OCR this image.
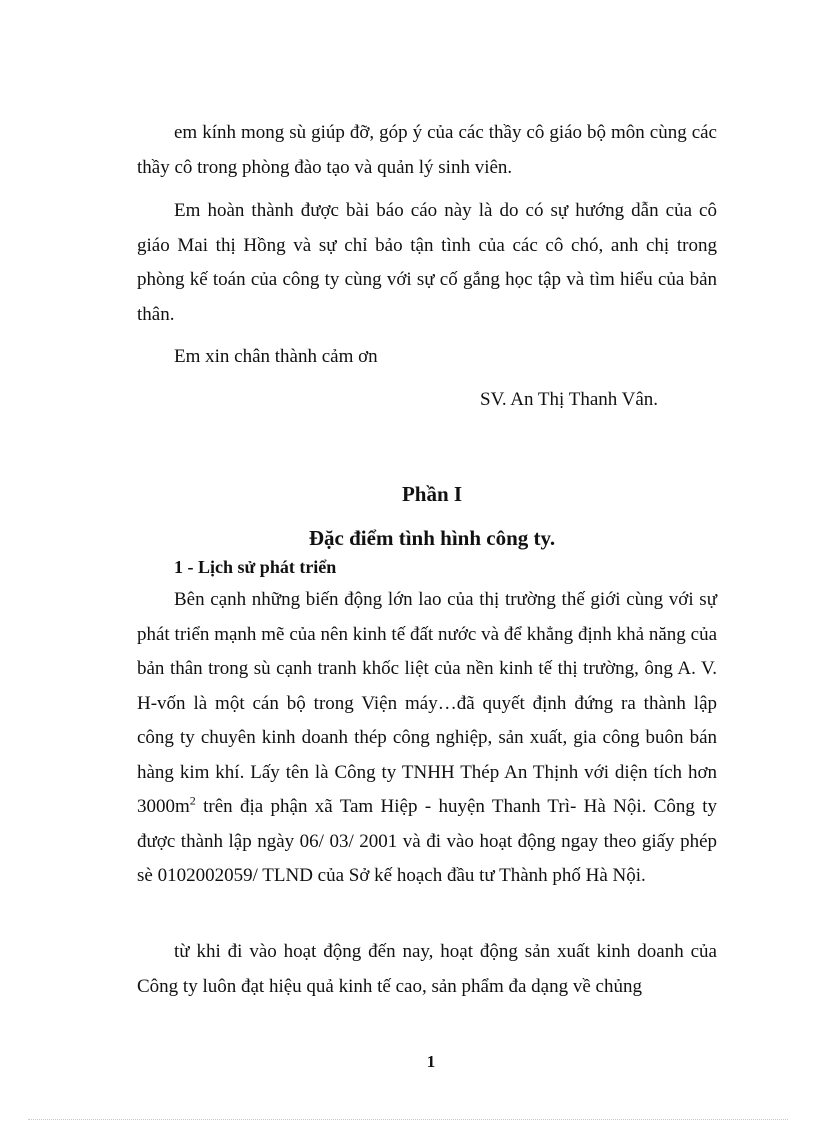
em kính mong sù giúp đỡ, góp ý của các thầy cô giáo bộ môn cùng các thầy cô trong phòng đào tạo và quản lý sinh viên.

Em hoàn thành được bài báo cáo này là do có sự hướng dẫn của cô giáo Mai thị Hồng và sự chỉ bảo tận tình của các cô chó, anh chị trong phòng kế toán của công ty cùng với sự cố gắng học tập và tìm hiểu của bản thân.

Em xin chân thành cảm ơn

SV. An Thị Thanh Vân.

Phần I
Đặc điểm tình hình công ty.

1 - Lịch sử phát triển

Bên cạnh những biến động lớn lao của thị trường thế giới cùng với sự phát triển mạnh mẽ của nên kinh tế đất nước và để khẳng định khả năng của bản thân trong sù cạnh tranh khốc liệt của nền kinh tế thị trường, ông A. V. H-vốn là một cán bộ trong Viện máy…đã quyết định đứng ra thành lập công ty chuyên kinh doanh thép công nghiệp, sản xuất, gia công buôn bán hàng kim khí. Lấy tên là Công ty TNHH Thép An Thịnh với diện tích hơn $3000m^2$ trên địa phận xã Tam Hiệp - huyện Thanh Trì- Hà Nội. Công ty được thành lập ngày 06/ 03/ 2001 và đi vào hoạt động ngay theo giấy phép sè 0102002059/ TLND của Sở kế hoạch đầu tư Thành phố Hà Nội.

từ khi đi vào hoạt động đến nay, hoạt động sản xuất kinh doanh của Công ty luôn đạt hiệu quả kinh tế cao, sản phẩm đa dạng về chủng

1
